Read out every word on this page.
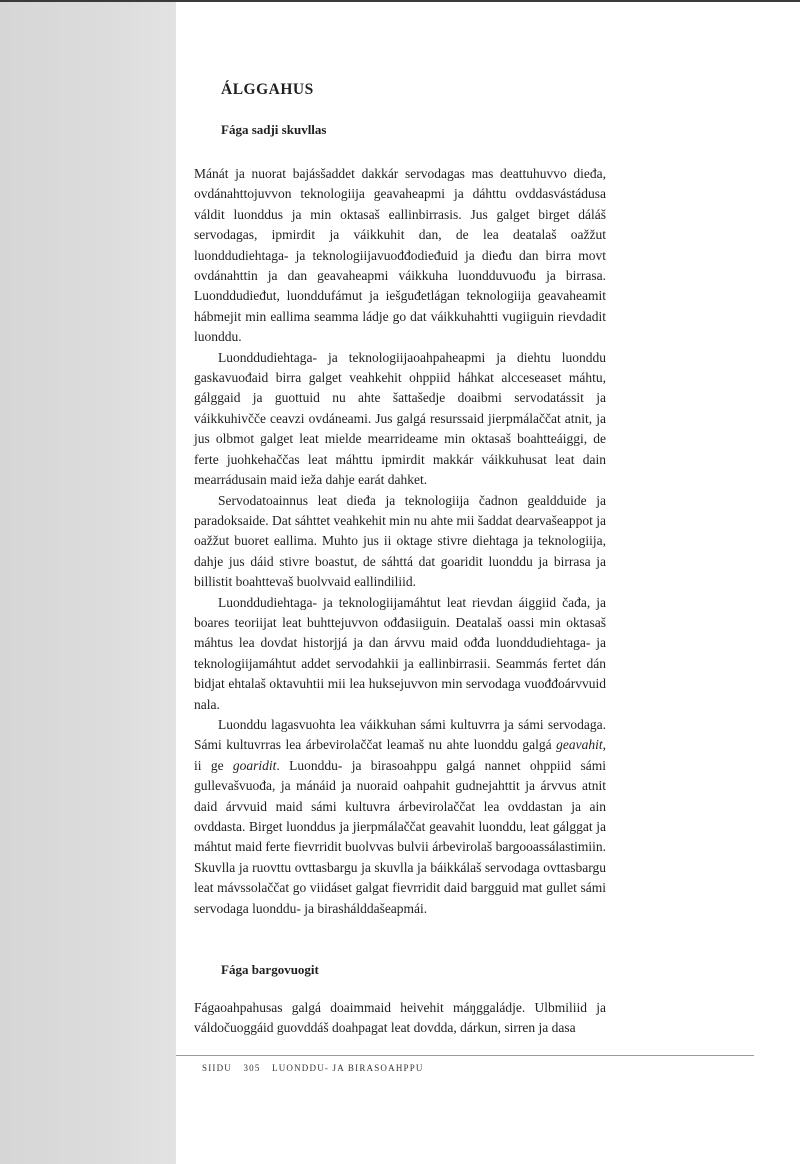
ÁLGGAHUS
Fága sadji skuvllas

Mánát ja nuorat bajásšaddet dakkár servodagas mas deattuhuvvo dieđa, ovdánahttojuvvon teknologiija geavaheapmi ja dáhttu ovddasvástádusa váldit luonddus ja min oktasaš eallinbirrasis. Jus galget birget dáláš servodagas, ipmirdit ja váikkuhit dan, de lea deatalaš oažžut luonddudiehtaga- ja teknologiijavuođđodieđuid ja dieđu dan birra movt ovdánahttin ja dan geavaheapmi váikkuha luondduvuođu ja birrasa. Luonddudieđut, luonddufámut ja iešguđetlágan teknologiija geavaheamit hábmejit min eallima seamma ládje go dat váikkuhahtti vugiiguin rievdadit luonddu.

Luonddudiehtaga- ja teknologiijaoahpaheapmi ja diehtu luonddu gaskavuođaid birra galget veahkehit ohppiid háhkat alcceseaset máhtu, gálggaid ja guottuid nu ahte šattašedje doaibmi servodatássit ja váikkuhivčče ceavzi ovdáneami. Jus galgá resurssaid jierpmálaččat atnit, ja jus olbmot galget leat mielde mearrideame min oktasaš boahtteáiggi, de ferte juohkehaččas leat máhttu ipmirdit makkár váikkuhusat leat dain mearrádusain maid ieža dahje earát dahket.

Servodatoainnus leat dieđa ja teknologiija čadnon gealdduide ja paradoksaide. Dat sáhttet veahkehit min nu ahte mii šaddat dearvašeappot ja oažžut buoret eallima. Muhto jus ii oktage stivre diehtaga ja teknologiija, dahje jus dáid stivre boastut, de sáhttá dat goaridit luonddu ja birrasa ja billistit boahttevaš buolvvaid eallindiliid.

Luonddudiehtaga- ja teknologiijamáhtut leat rievdan áiggiid čađa, ja boares teoriijat leat buhttejuvvon ođđasiiguin. Deatalaš oassi min oktasaš máhtus lea dovdat historjjá ja dan árvvu maid ođđa luonddudiehtaga- ja teknologiijamáhtut addet servodahkii ja eallinbirrasii. Seammás fertet dán bidjat ehtalaš oktavuhtii mii lea huksejuvvon min servodaga vuođđoárvvuid nala.

Luonddu lagasvuohta lea váikkuhan sámi kultuvrra ja sámi servodaga. Sámi kultuvrras lea árbevirolaččat leamaš nu ahte luonddu galgá geavahit, ii ge goaridit. Luonddu- ja birasoahppu galgá nannet ohppiid sámi gullevašvuođa, ja mánáid ja nuoraid oahpahit gudnejahttit ja árvvus atnit daid árvvuid maid sámi kultuvra árbevirolaččat lea ovddastan ja ain ovddasta. Birget luonddus ja jierpmálaččat geavahit luonddu, leat gálggat ja máhtut maid ferte fievrridit buolvvas bulvii árbevirolaš bargooassálastimiin. Skuvlla ja ruovttu ovttasbargu ja skuvlla ja báikkálaš servodaga ovttasbargu leat mávssolaččat go viidáset galgat fievrridit daid bargguid mat gullet sámi servodaga luonddu- ja birashálddašeapmái.

Fága bargovuogit

Fágaoahpahusas galgá doaimmaid heivehit máŋggaládje. Ulbmiliid ja váldočuoggáid guovddáš doahpagat leat dovdda, dárkun, sirren ja dasa

SIIDU 305 LUONDDU- JA BIRASOAHPPU
